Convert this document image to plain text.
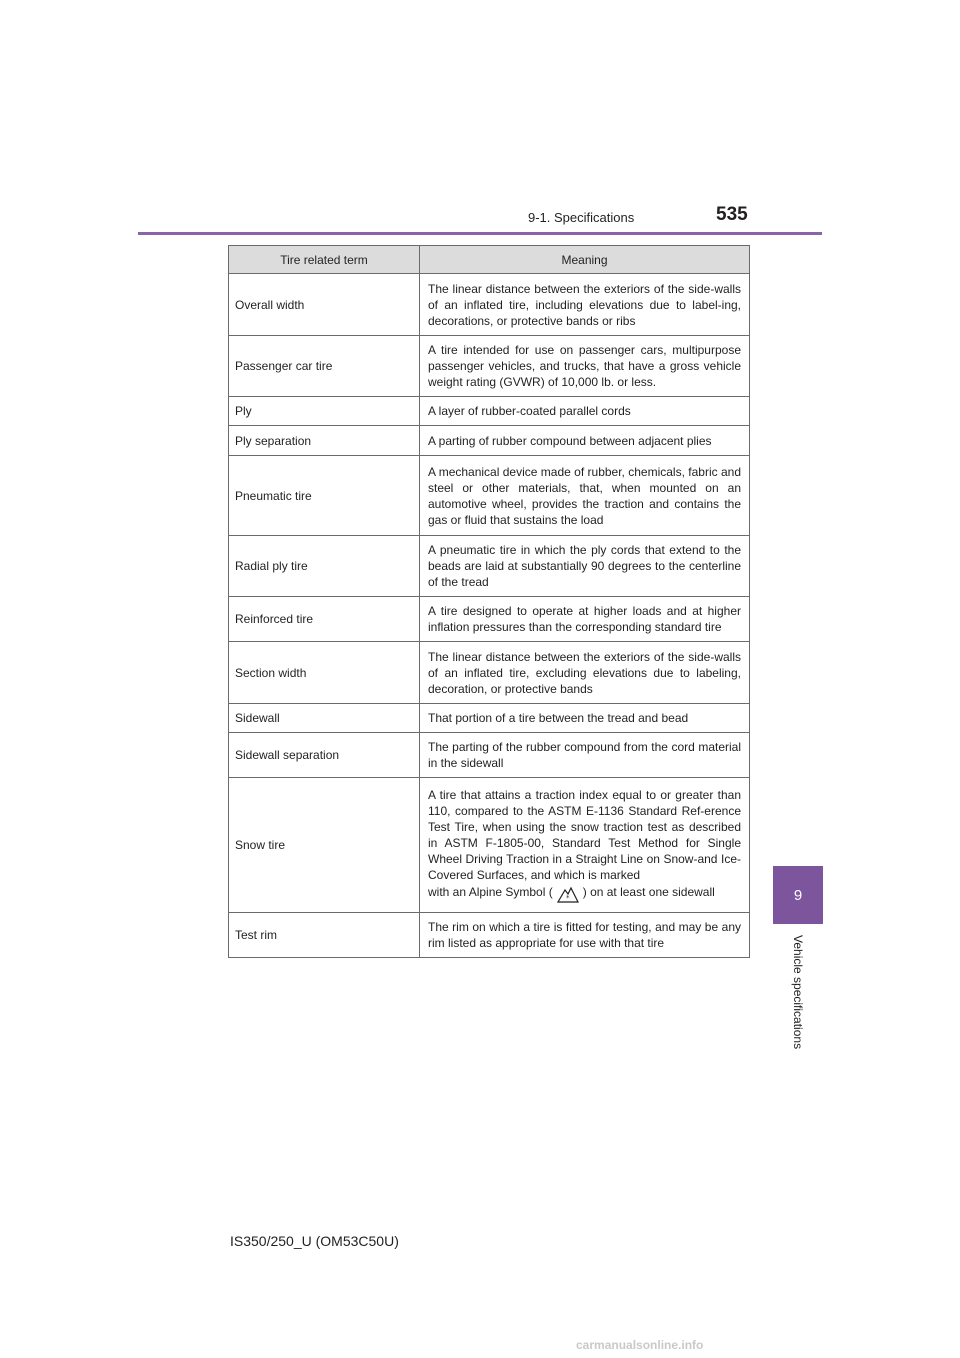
9-1. Specifications	535
9
Vehicle specifications
Tire related term	Meaning
Overall width	The linear distance between the exteriors of the side-walls of an inflated tire, including elevations due to label-ing, decorations, or protective bands or ribs
Passenger car tire	A tire intended for use on passenger cars, multipurpose passenger vehicles, and trucks, that have a gross vehicle weight rating (GVWR) of 10,000 lb. or less.
Ply	A layer of rubber-coated parallel cords
Ply separation	A parting of rubber compound between adjacent plies
Pneumatic tire	A mechanical device made of rubber, chemicals, fabric and steel or other materials, that, when mounted on an automotive wheel, provides the traction and contains the gas or fluid that sustains the load
Radial ply tire	A pneumatic tire in which the ply cords that extend to the beads are laid at substantially 90 degrees to the centerline of the tread
Reinforced tire	A tire designed to operate at higher loads and at higher inflation pressures than the corresponding standard tire
Section width	The linear distance between the exteriors of the side-walls of an inflated tire, excluding elevations due to labeling, decoration, or protective bands
Sidewall	That portion of a tire between the tread and bead
Sidewall separation	The parting of the rubber compound from the cord material in the sidewall
Snow tire	A tire that attains a traction index equal to or greater than 110, compared to the ASTM E-1136 Standard Ref-erence Test Tire, when using the snow traction test as described in ASTM F-1805-00, Standard Test Method for Single Wheel Driving Traction in a Straight Line on Snow-and Ice-Covered Surfaces, and which is marked
with an Alpine Symbol ( * ) on at least one sidewall
Test rim	The rim on which a tire is fitted for testing, and may be any rim listed as appropriate for use with that tire
IS350/250_U (OM53C50U)
carmanualsonline.info
